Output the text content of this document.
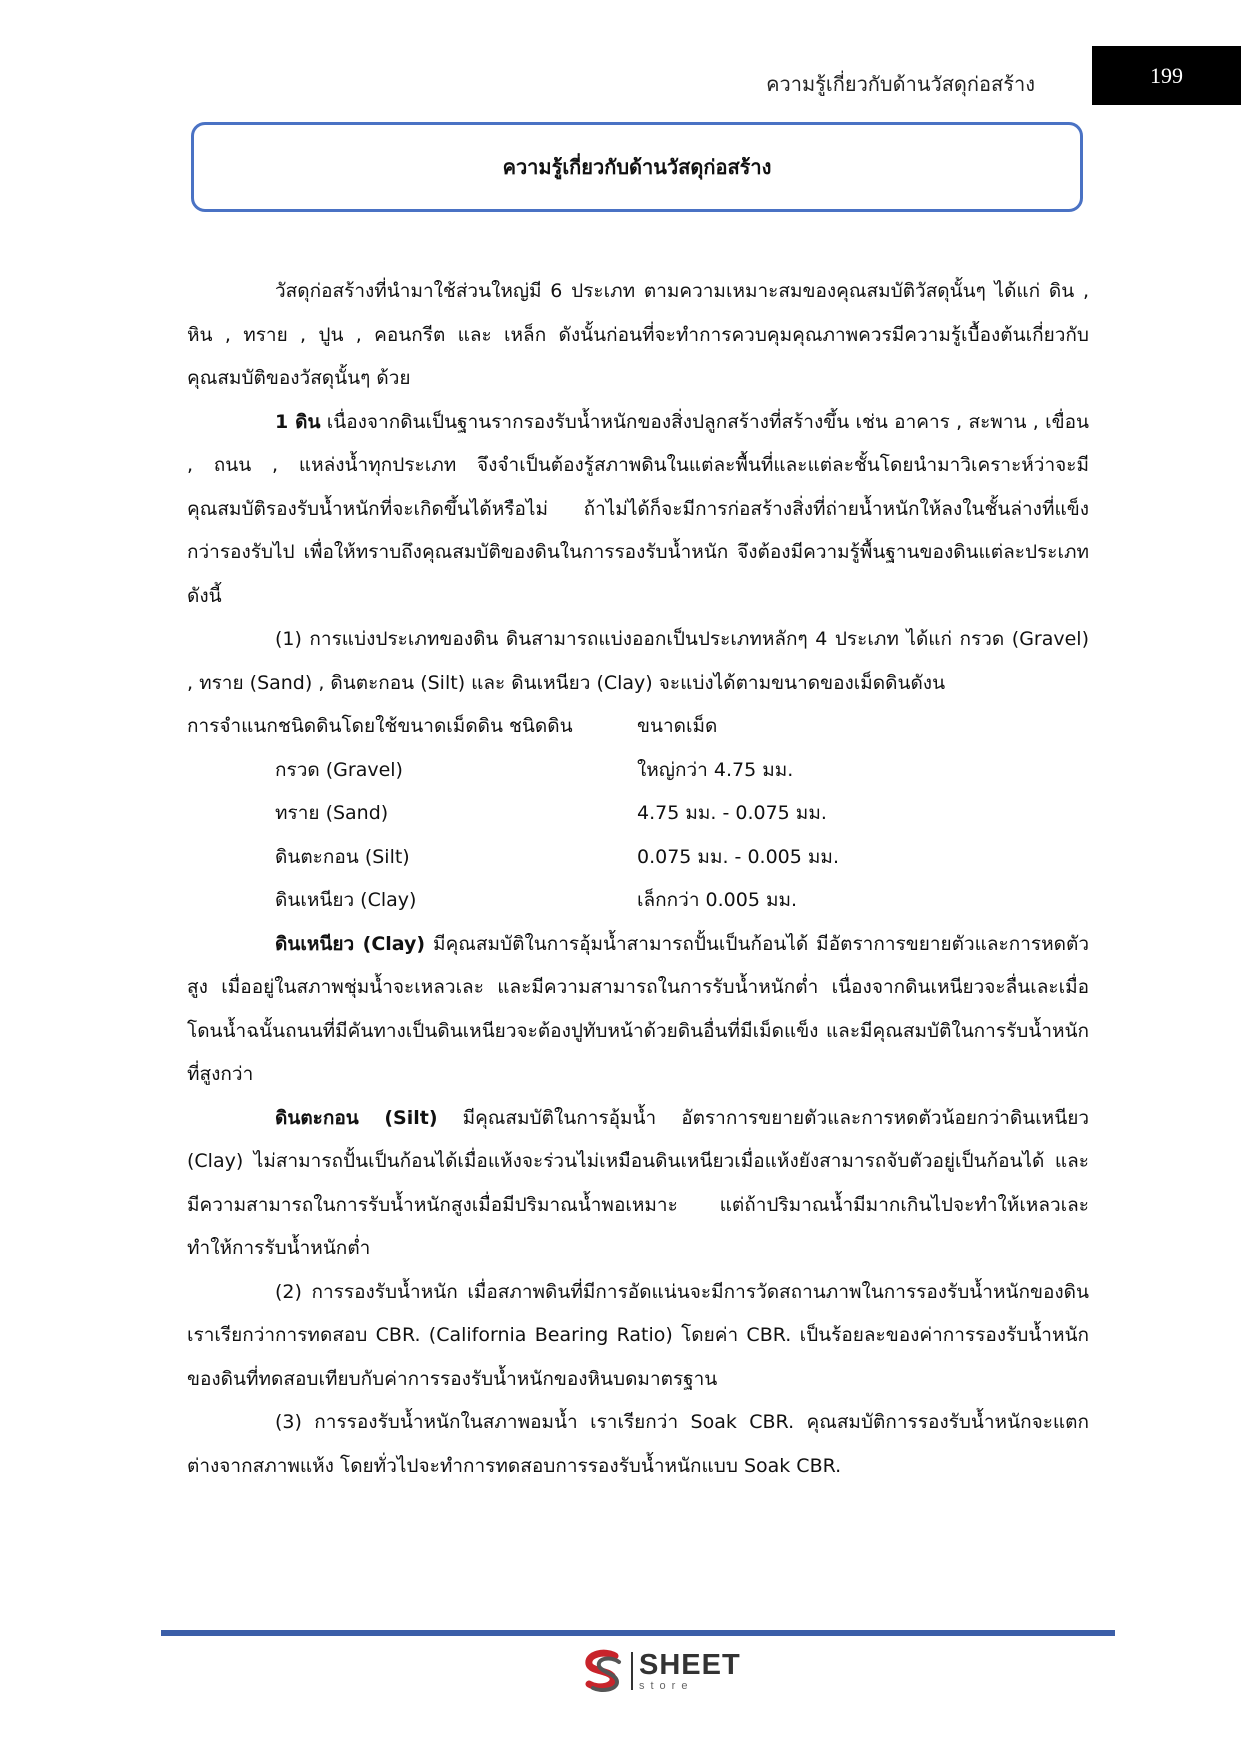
ความรู้เกี่ยวกับด้านวัสดุก่อสร้าง	199
ความรู้เกี่ยวกับด้านวัสดุก่อสร้าง

วัสดุก่อสร้างที่นำมาใช้ส่วนใหญ่มี 6 ประเภท ตามความเหมาะสมของคุณสมบัติวัสดุนั้นๆ ได้แก่ ดิน , หิน , ทราย , ปูน , คอนกรีต และ เหล็ก ดังนั้นก่อนที่จะทำการควบคุมคุณภาพควรมีความรู้เบื้องต้นเกี่ยวกับคุณสมบัติของวัสดุนั้นๆ ด้วย

1 ดิน เนื่องจากดินเป็นฐานรากรองรับน้ำหนักของสิ่งปลูกสร้างที่สร้างขึ้น เช่น อาคาร , สะพาน , เขื่อน , ถนน , แหล่งน้ำทุกประเภท จึงจำเป็นต้องรู้สภาพดินในแต่ละพื้นที่และแต่ละชั้นโดยนำมาวิเคราะห์ว่าจะมีคุณสมบัติรองรับน้ำหนักที่จะเกิดขึ้นได้หรือไม่ ถ้าไม่ได้ก็จะมีการก่อสร้างสิ่งที่ถ่ายน้ำหนักให้ลงในชั้นล่างที่แข็งกว่ารองรับไป เพื่อให้ทราบถึงคุณสมบัติของดินในการรองรับน้ำหนัก จึงต้องมีความรู้พื้นฐานของดินแต่ละประเภทดังนี้

(1) การแบ่งประเภทของดิน ดินสามารถแบ่งออกเป็นประเภทหลักๆ 4 ประเภท ได้แก่ กรวด (Gravel) , ทราย (Sand) , ดินตะกอน (Silt) และ ดินเหนียว (Clay) จะแบ่งได้ตามขนาดของเม็ดดินดังน

การจำแนกชนิดดินโดยใช้ขนาดเม็ดดิน ชนิดดิน	ขนาดเม็ด
กรวด (Gravel)	ใหญ่กว่า 4.75 มม.
ทราย (Sand)	4.75 มม. - 0.075 มม.
ดินตะกอน (Silt)	0.075 มม. - 0.005 มม.
ดินเหนียว (Clay)	เล็กกว่า 0.005 มม.

ดินเหนียว (Clay) มีคุณสมบัติในการอุ้มน้ำสามารถปั้นเป็นก้อนได้ มีอัตราการขยายตัวและการหดตัวสูง เมื่ออยู่ในสภาพชุ่มน้ำจะเหลวเละ และมีความสามารถในการรับน้ำหนักต่ำ เนื่องจากดินเหนียวจะลื่นเละเมื่อโดนน้ำฉนั้นถนนที่มีคันทางเป็นดินเหนียวจะต้องปูทับหน้าด้วยดินอื่นที่มีเม็ดแข็ง และมีคุณสมบัติในการรับน้ำหนักที่สูงกว่า

ดินตะกอน (Silt) มีคุณสมบัติในการอุ้มน้ำ อัตราการขยายตัวและการหดตัวน้อยกว่าดินเหนียว (Clay) ไม่สามารถปั้นเป็นก้อนได้เมื่อแห้งจะร่วนไม่เหมือนดินเหนียวเมื่อแห้งยังสามารถจับตัวอยู่เป็นก้อนได้ และมีความสามารถในการรับน้ำหนักสูงเมื่อมีปริมาณน้ำพอเหมาะ แต่ถ้าปริมาณน้ำมีมากเกินไปจะทำให้เหลวเละทำให้การรับน้ำหนักต่ำ

(2) การรองรับน้ำหนัก เมื่อสภาพดินที่มีการอัดแน่นจะมีการวัดสถานภาพในการรองรับน้ำหนักของดิน เราเรียกว่าการทดสอบ CBR. (California Bearing Ratio) โดยค่า CBR. เป็นร้อยละของค่าการรองรับน้ำหนักของดินที่ทดสอบเทียบกับค่าการรองรับน้ำหนักของหินบดมาตรฐาน

(3) การรองรับน้ำหนักในสภาพอมน้ำ เราเรียกว่า Soak CBR. คุณสมบัติการรองรับน้ำหนักจะแตกต่างจากสภาพแห้ง โดยทั่วไปจะทำการทดสอบการรองรับน้ำหนักแบบ Soak CBR.

SHEET
store
